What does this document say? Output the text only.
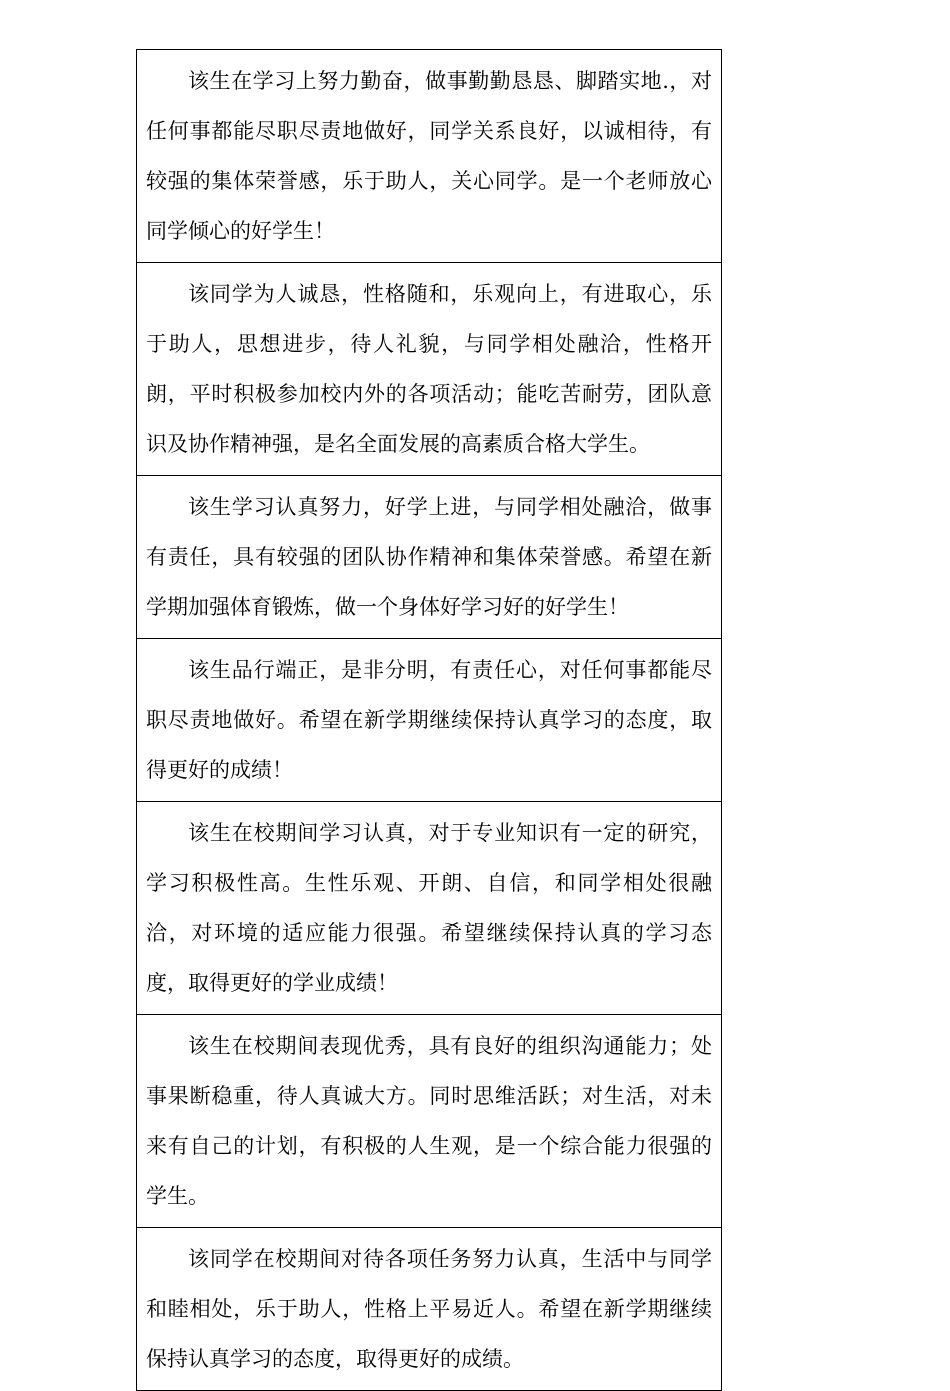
该生在学习上努力勤奋，做事勤勤恳恳、脚踏实地.，对任何事都能尽职尽责地做好，同学关系良好，以诚相待，有较强的集体荣誉感，乐于助人，关心同学。是一个老师放心同学倾心的好学生！
该同学为人诚恳，性格随和，乐观向上，有进取心，乐于助人，思想进步，待人礼貌，与同学相处融洽，性格开朗，平时积极参加校内外的各项活动；能吃苦耐劳，团队意识及协作精神强，是名全面发展的高素质合格大学生。
该生学习认真努力，好学上进，与同学相处融洽，做事有责任，具有较强的团队协作精神和集体荣誉感。希望在新学期加强体育锻炼，做一个身体好学习好的好学生！
该生品行端正，是非分明，有责任心，对任何事都能尽职尽责地做好。希望在新学期继续保持认真学习的态度，取得更好的成绩！
该生在校期间学习认真，对于专业知识有一定的研究，学习积极性高。生性乐观、开朗、自信，和同学相处很融洽，对环境的适应能力很强。希望继续保持认真的学习态度，取得更好的学业成绩！
该生在校期间表现优秀，具有良好的组织沟通能力；处事果断稳重，待人真诚大方。同时思维活跃；对生活，对未来有自己的计划，有积极的人生观，是一个综合能力很强的学生。
该同学在校期间对待各项任务努力认真，生活中与同学和睦相处，乐于助人，性格上平易近人。希望在新学期继续保持认真学习的态度，取得更好的成绩。
